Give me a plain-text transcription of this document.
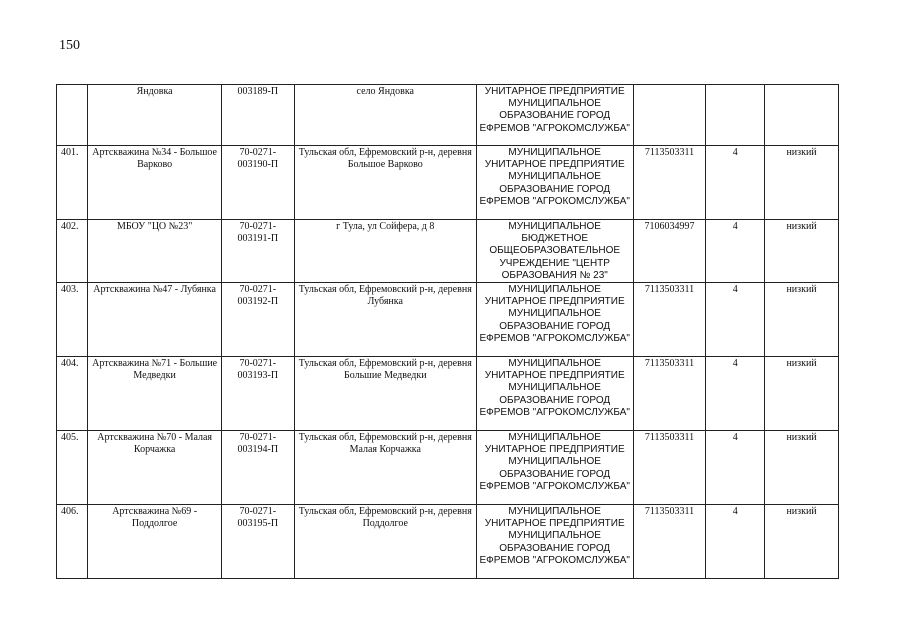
150
	Яндовка	003189-П	село Яндовка	УНИТАРНОЕ ПРЕДПРИЯТИЕ МУНИЦИПАЛЬНОЕ ОБРАЗОВАНИЕ ГОРОД ЕФРЕМОВ "АГРОКОМСЛУЖБА"			
401.	Артскважина №34 - Большое Варково	70-0271-003190-П	Тульская обл, Ефремовский р-н, деревня Большое Варково	МУНИЦИПАЛЬНОЕ УНИТАРНОЕ ПРЕДПРИЯТИЕ МУНИЦИПАЛЬНОЕ ОБРАЗОВАНИЕ ГОРОД ЕФРЕМОВ "АГРОКОМСЛУЖБА"	7113503311	4	низкий
402.	МБОУ "ЦО №23"	70-0271-003191-П	г Тула, ул Сойфера, д 8	МУНИЦИПАЛЬНОЕ БЮДЖЕТНОЕ ОБЩЕОБРАЗОВАТЕЛЬНОЕ УЧРЕЖДЕНИЕ "ЦЕНТР ОБРАЗОВАНИЯ № 23"	7106034997	4	низкий
403.	Артскважина №47 - Лубянка	70-0271-003192-П	Тульская обл, Ефремовский р-н, деревня Лубянка	МУНИЦИПАЛЬНОЕ УНИТАРНОЕ ПРЕДПРИЯТИЕ МУНИЦИПАЛЬНОЕ ОБРАЗОВАНИЕ ГОРОД ЕФРЕМОВ "АГРОКОМСЛУЖБА"	7113503311	4	низкий
404.	Артскважина №71 - Большие Медведки	70-0271-003193-П	Тульская обл, Ефремовский р-н, деревня Большие Медведки	МУНИЦИПАЛЬНОЕ УНИТАРНОЕ ПРЕДПРИЯТИЕ МУНИЦИПАЛЬНОЕ ОБРАЗОВАНИЕ ГОРОД ЕФРЕМОВ "АГРОКОМСЛУЖБА"	7113503311	4	низкий
405.	Артскважина №70 - Малая Корчажка	70-0271-003194-П	Тульская обл, Ефремовский р-н, деревня Малая Корчажка	МУНИЦИПАЛЬНОЕ УНИТАРНОЕ ПРЕДПРИЯТИЕ МУНИЦИПАЛЬНОЕ ОБРАЗОВАНИЕ ГОРОД ЕФРЕМОВ "АГРОКОМСЛУЖБА"	7113503311	4	низкий
406.	Артскважина №69 - Поддолгое	70-0271-003195-П	Тульская обл, Ефремовский р-н, деревня Поддолгое	МУНИЦИПАЛЬНОЕ УНИТАРНОЕ ПРЕДПРИЯТИЕ МУНИЦИПАЛЬНОЕ ОБРАЗОВАНИЕ ГОРОД ЕФРЕМОВ "АГРОКОМСЛУЖБА"	7113503311	4	низкий
